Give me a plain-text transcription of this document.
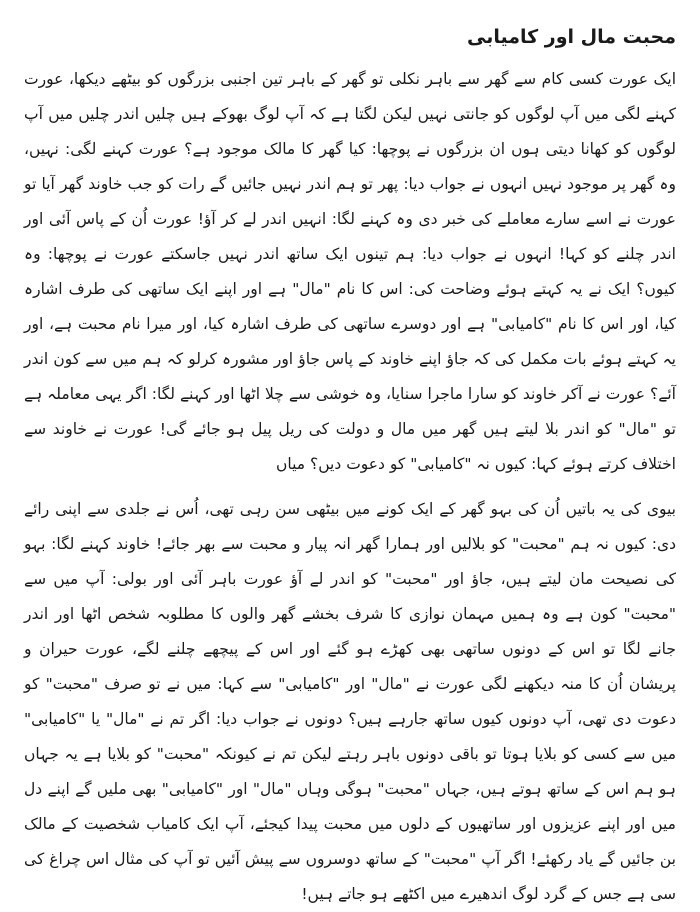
محبت مال اور کامیابی

ایک عورت کسی کام سے گھر سے باہر نکلی تو گھر کے باہر تین اجنبی بزرگوں کو بیٹھے دیکھا، عورت کہنے لگی میں آپ لوگوں کو جانتی نہیں لیکن لگتا ہے کہ آپ لوگ بھوکے ہیں چلیں اندر چلیں میں آپ لوگوں کو کھانا دیتی ہوں ان بزرگوں نے پوچھا: کیا گھر کا مالک موجود ہے؟ عورت کہنے لگی: نہیں، وہ گھر پر موجود نہیں انہوں نے جواب دیا: پھر تو ہم اندر نہیں جائیں گے رات کو جب خاوند گھر آیا تو عورت نے اسے سارے معاملے کی خبر دی وہ کہنے لگا: انہیں اندر لے کر آؤ! عورت اُن کے پاس آئی اور اندر چلنے کو کہا! انہوں نے جواب دیا: ہم تینوں ایک ساتھ اندر نہیں جاسکتے عورت نے پوچھا: وہ کیوں؟ ایک نے یہ کہتے ہوئے وضاحت کی: اس کا نام "مال" ہے اور اپنے ایک ساتھی کی طرف اشارہ کیا، اور اس کا نام "کامیابی" ہے اور دوسرے ساتھی کی طرف اشارہ کیا، اور میرا نام محبت ہے، اور یہ کہتے ہوئے بات مکمل کی کہ جاؤ اپنے خاوند کے پاس جاؤ اور مشورہ کرلو کہ ہم میں سے کون اندر آئے؟ عورت نے آکر خاوند کو سارا ماجرا سنایا، وہ خوشی سے چلا اٹھا اور کہنے لگا: اگر یہی معاملہ ہے تو "مال" کو اندر بلا لیتے ہیں گھر میں مال و دولت کی ریل پیل ہو جائے گی! عورت نے خاوند سے اختلاف کرتے ہوئے کہا: کیوں نہ "کامیابی" کو دعوت دیں؟ میاں

بیوی کی یہ باتیں اُن کی بہو گھر کے ایک کونے میں بیٹھی سن رہی تھی، اُس نے جلدی سے اپنی رائے دی: کیوں نہ ہم "محبت" کو بلالیں اور ہمارا گھر انہ پیار و محبت سے بھر جائے! خاوند کہنے لگا: بہو کی نصیحت مان لیتے ہیں، جاؤ اور "محبت" کو اندر لے آؤ عورت باہر آئی اور بولی: آپ میں سے "محبت" کون ہے وہ ہمیں مہمان نوازی کا شرف بخشے گھر والوں کا مطلوبہ شخص اٹھا اور اندر جانے لگا تو اس کے دونوں ساتھی بھی کھڑے ہو گئے اور اس کے پیچھے چلنے لگے، عورت حیران و پریشان اُن کا منہ دیکھنے لگی عورت نے "مال" اور "کامیابی" سے کہا: میں نے تو صرف "محبت" کو دعوت دی تھی، آپ دونوں کیوں ساتھ جارہے ہیں؟ دونوں نے جواب دیا: اگر تم نے "مال" یا "کامیابی" میں سے کسی کو بلایا ہوتا تو باقی دونوں باہر رہتے لیکن تم نے کیونکہ "محبت" کو بلایا ہے یہ جہاں ہو ہم اس کے ساتھ ہوتے ہیں، جہاں "محبت" ہوگی وہاں "مال" اور "کامیابی" بھی ملیں گے اپنے دل میں اور اپنے عزیزوں اور ساتھیوں کے دلوں میں محبت پیدا کیجئے، آپ ایک کامیاب شخصیت کے مالک بن جائیں گے یاد رکھئے! اگر آپ "محبت" کے ساتھ دوسروں سے پیش آئیں تو آپ کی مثال اس چراغ کی سی ہے جس کے گرد لوگ اندھیرے میں اکٹھے ہو جاتے ہیں!
